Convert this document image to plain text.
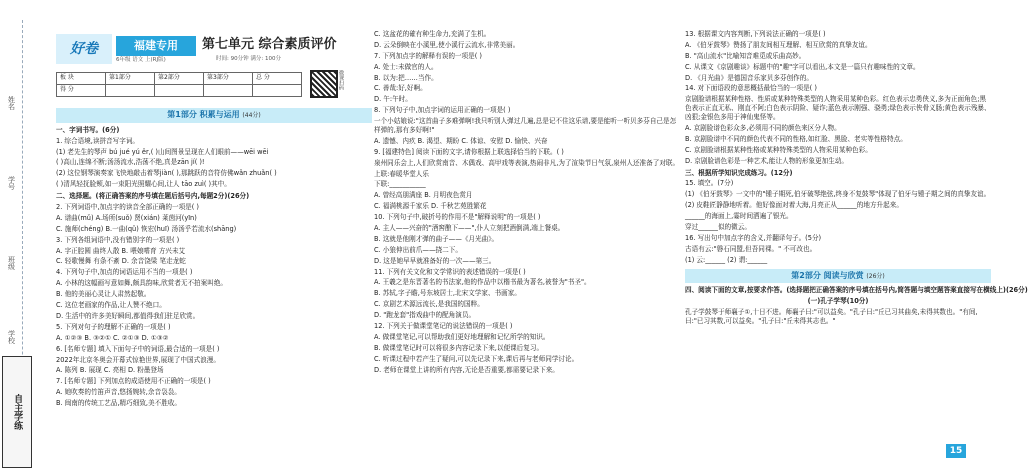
姓名
学号
班级
学校
自主学练
好卷	福建专用
6年级 语文 上(RJ版)
第七单元 综合素质评价
时间: 90分钟 满分: 100分
板 块	第1部分	第2部分	第3部分	总 分
得 分					微课扫码
第1部分 积累与运用 (44分)
一、字词书写。(6分)
1. 综合语境,读拼音写字词。
(1) 老先生的琴声 bú jué yú ěr,( )山间图景呈现在人们眼前——wēi wēi
( )高山,连绵不断;汤汤流水,浩荡不绝,真是zān jí( )!
(2) 这位钢琴演奏家飞快地敲击着琴jiàn( ),那跳跃的音符仿佛wǎn zhuǎn( )
( )清风轻抚脸颊,如一束阳光照耀心间,让人 tāo zuì( )其中。
二、选择题。(将正确答案的序号填在题后括号内,每题2分)(26分)
2. 下列词语中,加点字的读音全部正确的一项是( )
A. 谱曲(mǔ) A.场所(suǒ) 贤(xián) 莱茵河(yīn)
C. 施师(chéng) B.一曲(qǔ) 恢宏(huī) 汤汤乎若流水(shāng)
3. 下列各组词语中,没有错别字的一项是( )
A. 字正腔圆 曲终人散 B. 喂娘嗜育 方兴未艾
C. 轻歌慢舞 有条不紊 D. 余音饶梁 笔走龙蛇
4. 下列句子中,加点的词语运用不当的一项是( )
A. 小林的这幅画写意如舞,颇具韵味,欣赏者无不拍案叫绝。
B. 他的美丽心灵让人肃然起敬。
C. 这位老画家的作品,让人赞不绝口。
D. 生活中的许多美好瞬间,都值得我们驻足欣赏。
5. 下列对句子的理解不正确的一项是( )
A. ①②③ B. ③②① C. ②①③ D. ①③②
6. [名师专题] 填入下面句子中的词语,最合适的一项是( )
2022年北京冬奥会开幕式惊艳世界,展现了中国式浪漫。
A. 陈列 B. 展现 C. 亮相 D. 粉墨登场
7. [名师专题] 下列加点的成语使用不正确的一项是( )
A. 她吹奏的竹笛声音,悠扬婉转,余音袅袅。
B. 闽南的传统工艺品,精巧细致,美不胜收。
C. 这盆花的確有种生命力,充满了生机。
D. 云朵倒映在小溪里,使小溪行云流水,非常美丽。
7. 下列加点字的解释有误的一项是( )
A. 处士:未做官的人。
B. 以为:把……当作。
C. 善哉:好,好啊。
D. 午:午时。
8. 下列句子中,加点字词的运用正确的一项是( )
一个小姑娘说:"这首曲子多难弹啊!我只听别人弹过几遍,总是记不住这乐谱,要是能听一听贝多芬自己是怎样弹的,那有多好啊!"
A. 遗憾、内疚 B. 渴望、期盼 C. 体谅、安慰 D. 愉快、兴奋
9. [福建特色] 阅读下面的文字,请你根据上联选择恰当的下联。( )
泉州同乐会上,人们欣赏南音、木偶戏、高甲戏等表演,热闹非凡,为了渲染节日气氛,泉州人还准备了对联。
上联:春暖华堂人乐
下联:___________
A. 曾经高朋满座 B. 月明夜色赏月
C. 福满桃源千家乐 D. 千秋艺苑胜繁花
10. 下列句子中,破折号的作用不是"解释说明"的一项是( )
A. 主人——兴奋的"酒窖酿下——",仆人立刻把酒倒满,端上餐桌。
B. 这就是他刚才弹的曲子——《月光曲》。
C. 小狼伸出前爪——挠二下。
D. 这是她早早就准备好的一次——第三。
11. 下列有关文化和文学常识的表述错误的一项是( )
A. 王羲之是东晋著名的书法家,他的作品中以楷书最为著名,被誉为"书圣"。
B. 苏轼,字子瞻,号东坡居士,北宋文学家、书画家。
C. 京剧艺术源远流长,是我国的国粹。
D. "跑龙套"指戏曲中的配角演员。
12. 下列关于做课堂笔记的说法错误的一项是( )
A. 做课堂笔记,可以帮助我们更好地理解和记忆所学的知识。
B. 做课堂笔记时可以将很多内容记录下来,以便课后复习。
C. 听课过程中若产生了疑问,可以先记录下来,课后再与老师同学讨论。
D. 老师在课堂上讲的所有内容,无论是否重要,都需要记录下来。
13. 根据课文内容判断,下列说法正确的一项是( )
A. 《伯牙鼓琴》赞扬了朋友间相互理解、相互欣赏的真挚友谊。
B. "高山流水"比喻知音难觅或乐曲高妙。
C. 从课文《京剧趣谈》标题中的"趣"字可以看出,本文是一篇只有趣味性的文章。
D. 《月光曲》是德国音乐家贝多芬创作的。
14. 对下面语段的意思概括最恰当的一项是( )
京剧脸谱根据某种性格、性质或某种特殊类型的人物采用某种色彩。红色表示忠勇侠义,多为正面角色;黑色表示正直无私、刚直不阿;白色表示阴险、疑诈;蓝色表示刚强、骁勇;绿色表示侠骨义肠;黄色表示残暴、凶狠;金银色多用于神仙鬼怪等。
A. 京剧脸谱色彩众多,必须用不同的颜色来区分人物。
B. 京剧脸谱中不同的颜色代表不同的性格,如红脸、黑脸、老实等性格特点。
C. 京剧脸谱根据某种性格或某种特殊类型的人物采用某种色彩。
D. 京剧脸谱色彩是一种艺术,能让人物的形象更加生动。
三、根据所学知识完成练习。(12分)
15. 填空。(7分)
(1) 《伯牙鼓琴》一文中的"锺子期死,伯牙破琴绝弦,终身不复鼓琴"体现了伯牙与锺子期之间的真挚友谊。
(2) 皮鞋匠静静地听着。他好像面对着大海,月亮正从______的地方升起来。
______的海面上,霎时间洒遍了银光。
穿过______似的微云。
16. 写出句中加点字的含义,并翻译句子。(5分)
古语有云:"磐石同盟,但吾同裸。" 不可改也。
(1) 云:______ (2) 谓:______
第2部分 阅读与欣赏 (26分)
四、阅读下面的文章,按要求作答。(选择题把正确答案的序号填在括号内,简答题与填空题答案直接写在横线上)(26分)
(一)孔子学琴(10分)
孔子学鼓琴于师襄子①,十日不进。师襄子曰:"可以益矣。"孔子曰:"丘已习其曲矣,未得其数也。"有间,曰:"已习其数,可以益矣。"孔子曰:"丘未得其志也。"
15
